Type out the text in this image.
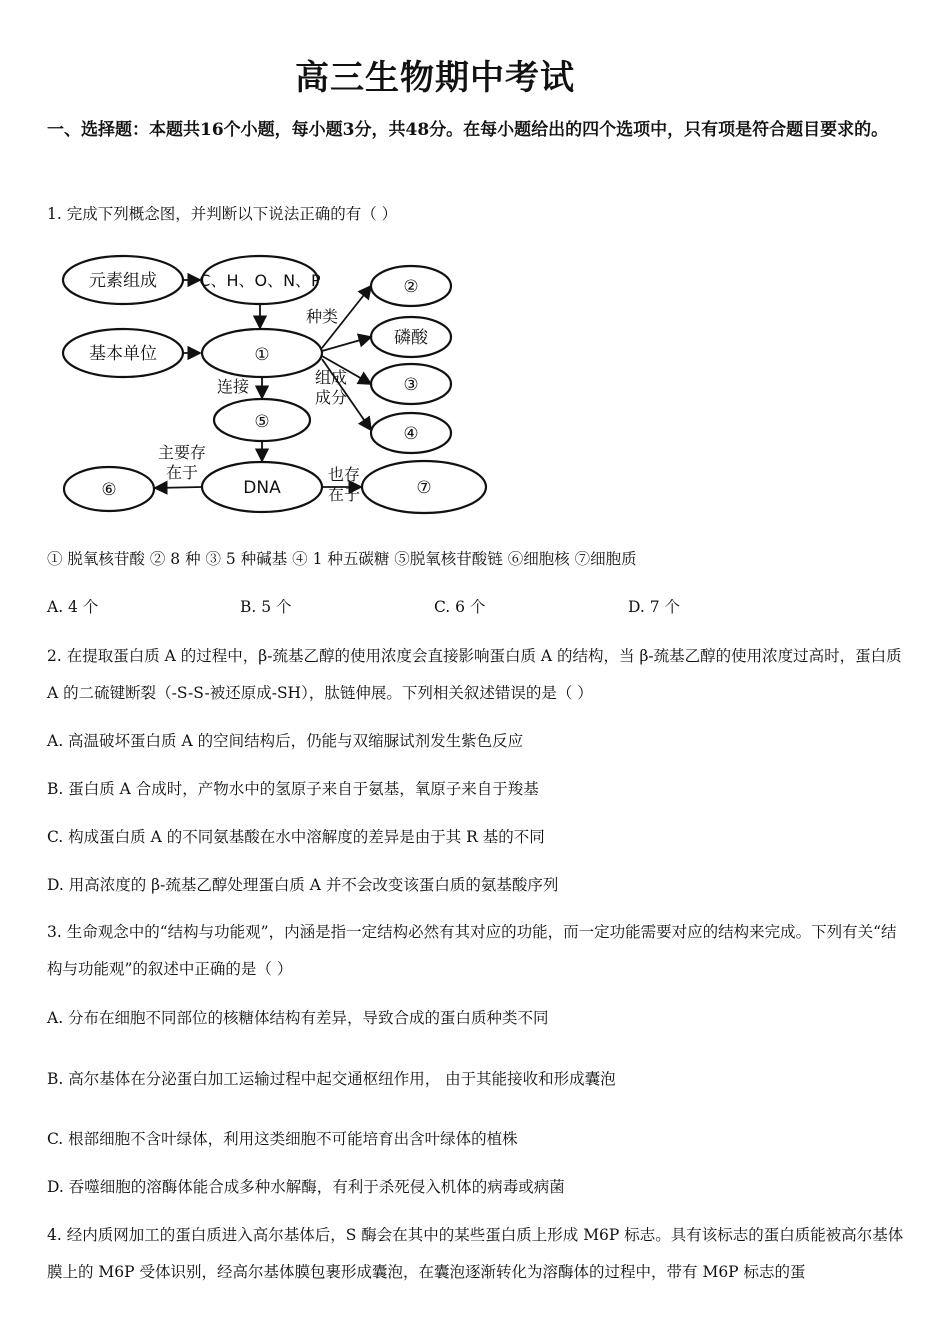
高三生物期中考试
一、选择题：本题共16个小题，每小题3分，共48分。在每小题给出的四个选项中，只有项是符合题目要求的。
1. 完成下列概念图，并判断以下说法正确的有（ ）
元素组成	C、H、O、N、P
基本单位	①
②
磷酸
③
④
⑤
DNA
⑥	⑦
种类
连接	组成
成分
主要存
在于	也存
在于
① 脱氧核苷酸 ② 8 种 ③ 5 种碱基 ④ 1 种五碳糖 ⑤脱氧核苷酸链 ⑥细胞核 ⑦细胞质
A. 4 个	B. 5 个	C. 6 个	D. 7 个
2. 在提取蛋白质 A 的过程中，β-巯基乙醇的使用浓度会直接影响蛋白质 A 的结构，当 β-巯基乙醇的使用浓度过高时，蛋白质 A 的二硫键断裂（-S-S-被还原成-SH），肽链伸展。下列相关叙述错误的是（ ）
A. 高温破坏蛋白质 A 的空间结构后，仍能与双缩脲试剂发生紫色反应
B. 蛋白质 A 合成时，产物水中的氢原子来自于氨基，氧原子来自于羧基
C. 构成蛋白质 A 的不同氨基酸在水中溶解度的差异是由于其 R 基的不同
D. 用高浓度的 β-巯基乙醇处理蛋白质 A 并不会改变该蛋白质的氨基酸序列
3. 生命观念中的“结构与功能观”，内涵是指一定结构必然有其对应的功能，而一定功能需要对应的结构来完成。下列有关“结构与功能观”的叙述中正确的是（ ）
A. 分布在细胞不同部位的核糖体结构有差异，导致合成的蛋白质种类不同
B. 高尔基体在分泌蛋白加工运输过程中起交通枢纽作用， 由于其能接收和形成囊泡
C. 根部细胞不含叶绿体，利用这类细胞不可能培育出含叶绿体的植株
D. 吞噬细胞的溶酶体能合成多种水解酶，有利于杀死侵入机体的病毒或病菌
4. 经内质网加工的蛋白质进入高尔基体后，S 酶会在其中的某些蛋白质上形成 M6P 标志。具有该标志的蛋白质能被高尔基体膜上的 M6P 受体识别，经高尔基体膜包裹形成囊泡，在囊泡逐渐转化为溶酶体的过程中，带有 M6P 标志的蛋
